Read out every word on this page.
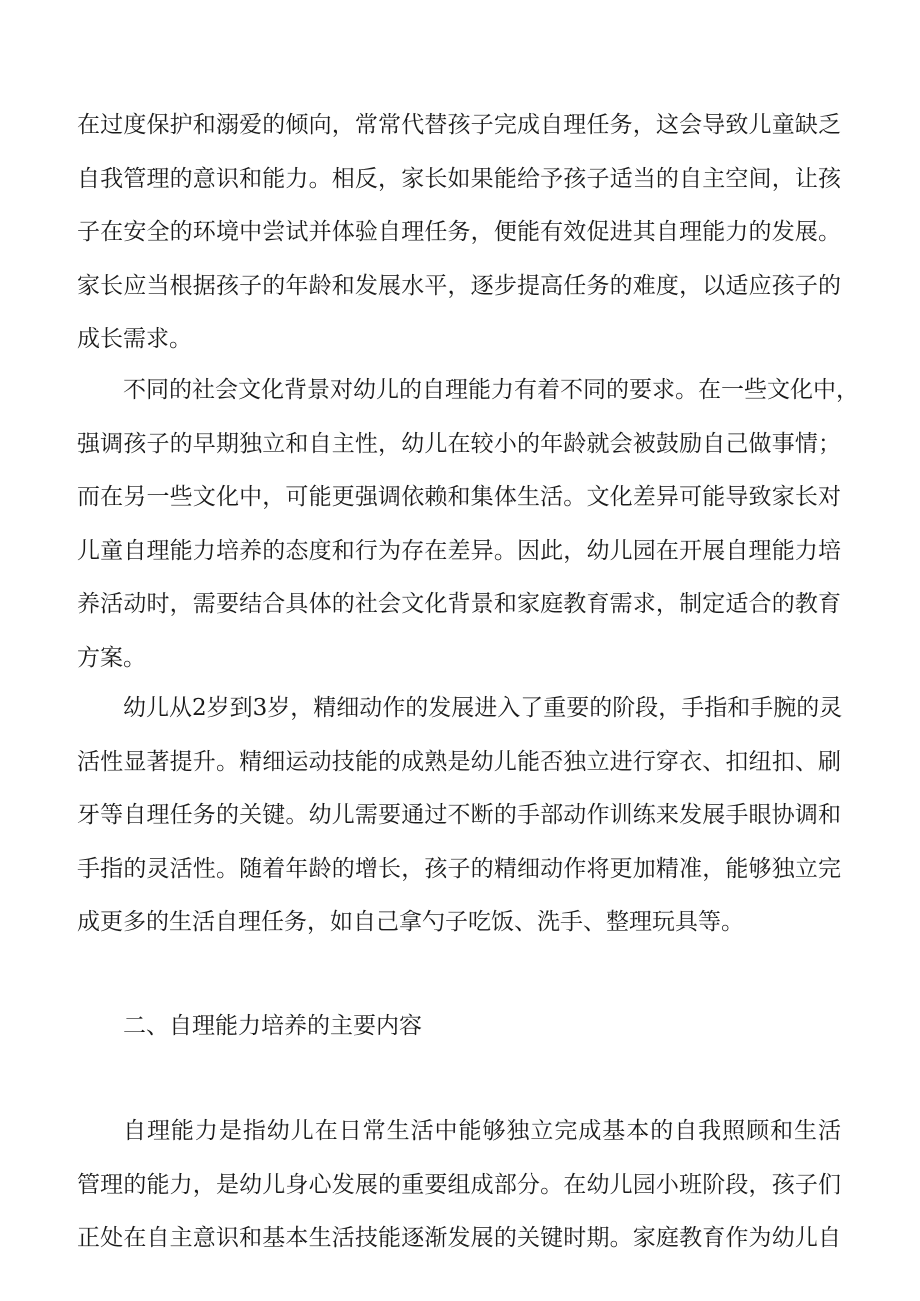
在过度保护和溺爱的倾向，常常代替孩子完成自理任务，这会导致儿童缺乏
自我管理的意识和能力。相反，家长如果能给予孩子适当的自主空间，让孩
子在安全的环境中尝试并体验自理任务，便能有效促进其自理能力的发展。
家长应当根据孩子的年龄和发展水平，逐步提高任务的难度，以适应孩子的
成长需求。
不同的社会文化背景对幼儿的自理能力有着不同的要求。在一些文化中，
强调孩子的早期独立和自主性，幼儿在较小的年龄就会被鼓励自己做事情；
而在另一些文化中，可能更强调依赖和集体生活。文化差异可能导致家长对
儿童自理能力培养的态度和行为存在差异。因此，幼儿园在开展自理能力培
养活动时，需要结合具体的社会文化背景和家庭教育需求，制定适合的教育
方案。
幼儿从2岁到3岁，精细动作的发展进入了重要的阶段，手指和手腕的灵
活性显著提升。精细运动技能的成熟是幼儿能否独立进行穿衣、扣纽扣、刷
牙等自理任务的关键。幼儿需要通过不断的手部动作训练来发展手眼协调和
手指的灵活性。随着年龄的增长，孩子的精细动作将更加精准，能够独立完
成更多的生活自理任务，如自己拿勺子吃饭、洗手、整理玩具等。
二、自理能力培养的主要内容
自理能力是指幼儿在日常生活中能够独立完成基本的自我照顾和生活
管理的能力，是幼儿身心发展的重要组成部分。在幼儿园小班阶段，孩子们
正处在自主意识和基本生活技能逐渐发展的关键时期。家庭教育作为幼儿自
